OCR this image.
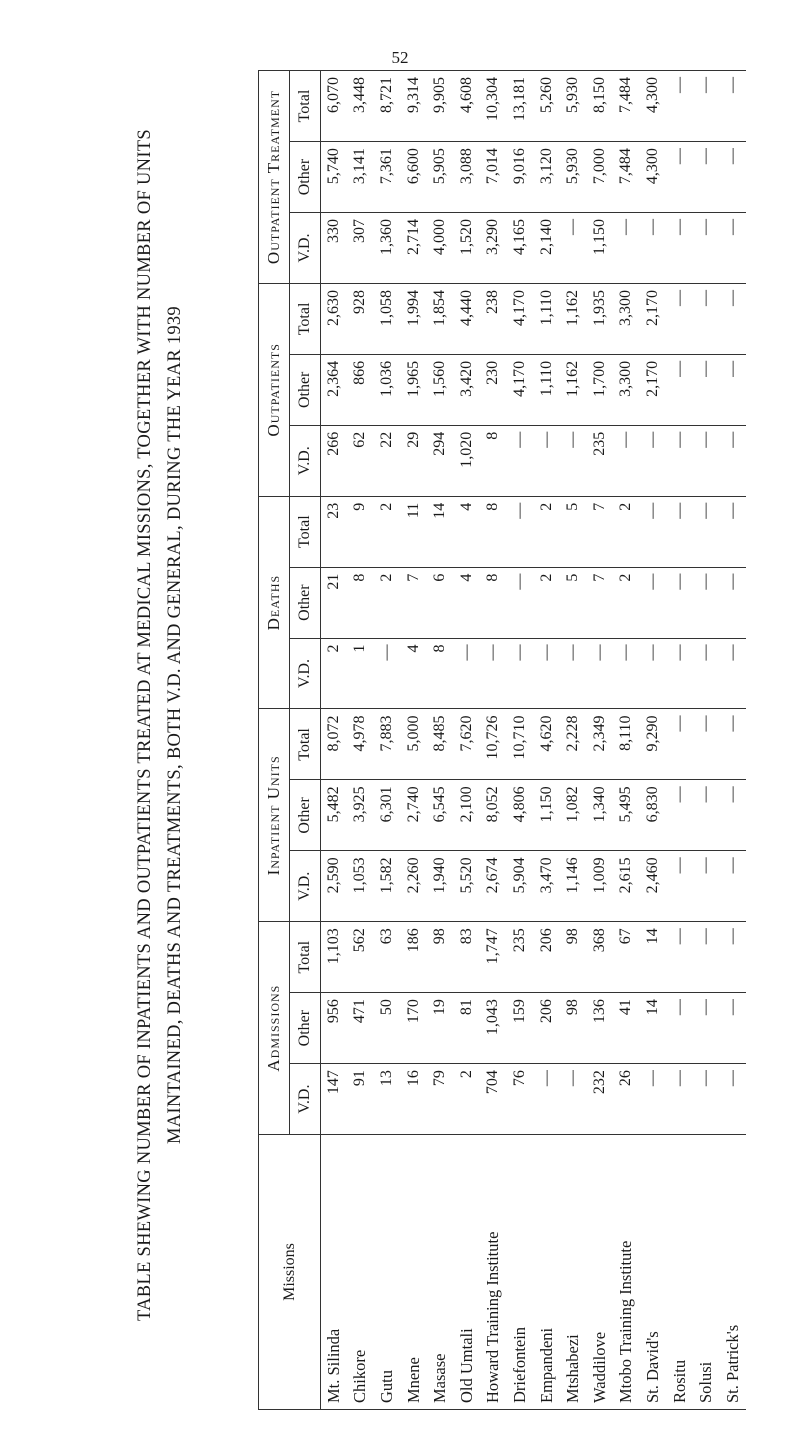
52
TABLE SHEWING NUMBER OF INPATIENTS AND OUTPATIENTS TREATED AT MEDICAL MISSIONS, TOGETHER WITH NUMBER OF UNITS MAINTAINED, DEATHS AND TREATMENTS, BOTH V.D. AND GENERAL, DURING THE YEAR 1939
Missions	Admissions			Inpatient Units			Deaths			Outpatients			Outpatient Treatment		
	V.D.	Other	Total	V.D.	Other	Total	V.D.	Other	Total	V.D.	Other	Total	V.D.	Other	Total
Mt. Silinda	147	956	1,103	2,590	5,482	8,072	2	21	23	266	2,364	2,630	330	5,740	6,070
Chikore	91	471	562	1,053	3,925	4,978	1	8	9	62	866	928	307	3,141	3,448
Gutu	13	50	63	1,582	6,301	7,883	—	2	2	22	1,036	1,058	1,360	7,361	8,721
Mnene	16	170	186	2,260	2,740	5,000	4	7	11	29	1,965	1,994	2,714	6,600	9,314
Masase	79	19	98	1,940	6,545	8,485	8	6	14	294	1,560	1,854	4,000	5,905	9,905
Old Umtali	2	81	83	5,520	2,100	7,620	—	4	4	1,020	3,420	4,440	1,520	3,088	4,608
Howard Training Institute	704	1,043	1,747	2,674	8,052	10,726	—	8	8	8	230	238	3,290	7,014	10,304
Driefontein	76	159	235	5,904	4,806	10,710	—	—	—	—	4,170	4,170	4,165	9,016	13,181
Empandeni	—	206	206	3,470	1,150	4,620	—	2	2	—	1,110	1,110	2,140	3,120	5,260
Mtshabezi	—	98	98	1,146	1,082	2,228	—	5	5	—	1,162	1,162	—	5,930	5,930
Waddilove	232	136	368	1,009	1,340	2,349	—	7	7	235	1,700	1,935	1,150	7,000	8,150
Mtobo Training Institute	26	41	67	2,615	5,495	8,110	—	2	2	—	3,300	3,300	—	7,484	7,484
St. David's	—	14	14	2,460	6,830	9,290	—	—	—	—	2,170	2,170	—	4,300	4,300
Rositu	—	—	—	—	—	—	—	—	—	—	—	—	—	—	—
Solusi	—	—	—	—	—	—	—	—	—	—	—	—	—	—	—
St. Patrick's	—	—	—	—	—	—	—	—	—	—	—	—	—	—	—
